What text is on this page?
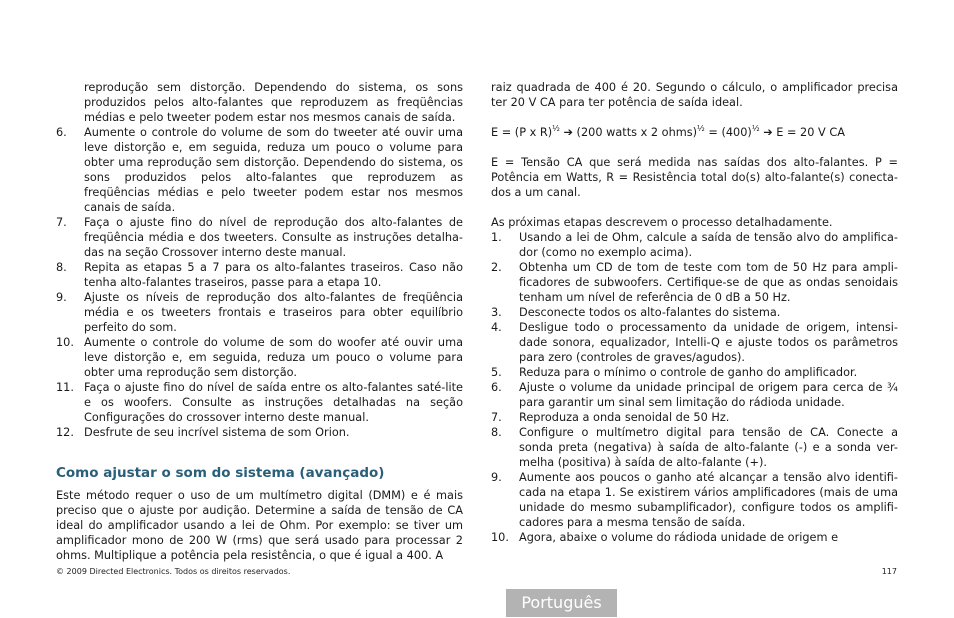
reprodução sem distorção. Dependendo do sistema, os sons produzidos pelos alto-falantes que reproduzem as freqüências médias e pelo tweeter podem estar nos mesmos canais de saída.
6.	Aumente o controle do volume de som do tweeter até ouvir uma leve distorção e, em seguida, reduza um pouco o volume para obter uma reprodução sem distorção. Dependendo do sistema, os sons produzidos pelos alto-falantes que reproduzem as freqüências médias e pelo tweeter podem estar nos mesmos canais de saída.
7.	Faça o ajuste fino do nível de reprodução dos alto-falantes de freqüência média e dos tweeters. Consulte as instruções detalha-das na seção Crossover interno deste manual.
8.	Repita as etapas 5 a 7 para os alto-falantes traseiros. Caso não tenha alto-falantes traseiros, passe para a etapa 10.
9.	Ajuste os níveis de reprodução dos alto-falantes de freqüência média e os tweeters frontais e traseiros para obter equilíbrio perfeito do som.
10. Aumente o controle do volume de som do woofer até ouvir uma leve distorção e, em seguida, reduza um pouco o volume para obter uma reprodução sem distorção.
11. Faça o ajuste fino do nível de saída entre os alto-falantes saté-lite e os woofers. Consulte as instruções detalhadas na seção Configurações do crossover interno deste manual.
12. Desfrute de seu incrível sistema de som Orion.
Como ajustar o som do sistema (avançado)
Este método requer o uso de um multímetro digital (DMM) e é mais preciso que o ajuste por audição. Determine a saída de tensão de CA ideal do amplificador usando a lei de Ohm. Por exemplo: se tiver um amplificador mono de 200 W (rms) que será usado para processar 2 ohms. Multiplique a potência pela resistência, o que é igual a 400. A
raiz quadrada de 400 é 20. Segundo o cálculo, o amplificador precisa ter 20 V CA para ter potência de saída ideal.
E = (P x R)$^{\frac{1}{2}}$ ➔ (200 watts x 2 ohms)$^{\frac{1}{2}}$ = $(400)^{\frac{1}{2}}$ ➔ E = 20 V CA
E = Tensão CA que será medida nas saídas dos alto-falantes. P = Potência em Watts, R = Resistência total do(s) alto-falante(s) conecta-dos a um canal.
As próximas etapas descrevem o processo detalhadamente.
1.	Usando a lei de Ohm, calcule a saída de tensão alvo do amplifica-dor (como no exemplo acima).
2.	Obtenha um CD de tom de teste com tom de 50 Hz para ampli-ficadores de subwoofers. Certifique-se de que as ondas senoidais tenham um nível de referência de 0 dB a 50 Hz.
3.	Desconecte todos os alto-falantes do sistema.
4.	Desligue todo o processamento da unidade de origem, intensi-dade sonora, equalizador, Intelli-Q e ajuste todos os parâmetros para zero (controles de graves/agudos).
5.	Reduza para o mínimo o controle de ganho do amplificador.
6.	Ajuste o volume da unidade principal de origem para cerca de ¾ para garantir um sinal sem limitação do rádioda unidade.
7.	Reproduza a onda senoidal de 50 Hz.
8.	Configure o multímetro digital para tensão de CA. Conecte a sonda preta (negativa) à saída de alto-falante (-) e a sonda ver-melha (positiva) à saída de alto-falante (+).
9.	Aumente aos poucos o ganho até alcançar a tensão alvo identifi-cada na etapa 1. Se existirem vários amplificadores (mais de uma unidade do mesmo subamplificador), configure todos os amplifi-cadores para a mesma tensão de saída.
10. Agora, abaixe o volume do rádioda unidade de origem e
© 2009 Directed Electronics. Todos os direitos reservados.	117
Português
